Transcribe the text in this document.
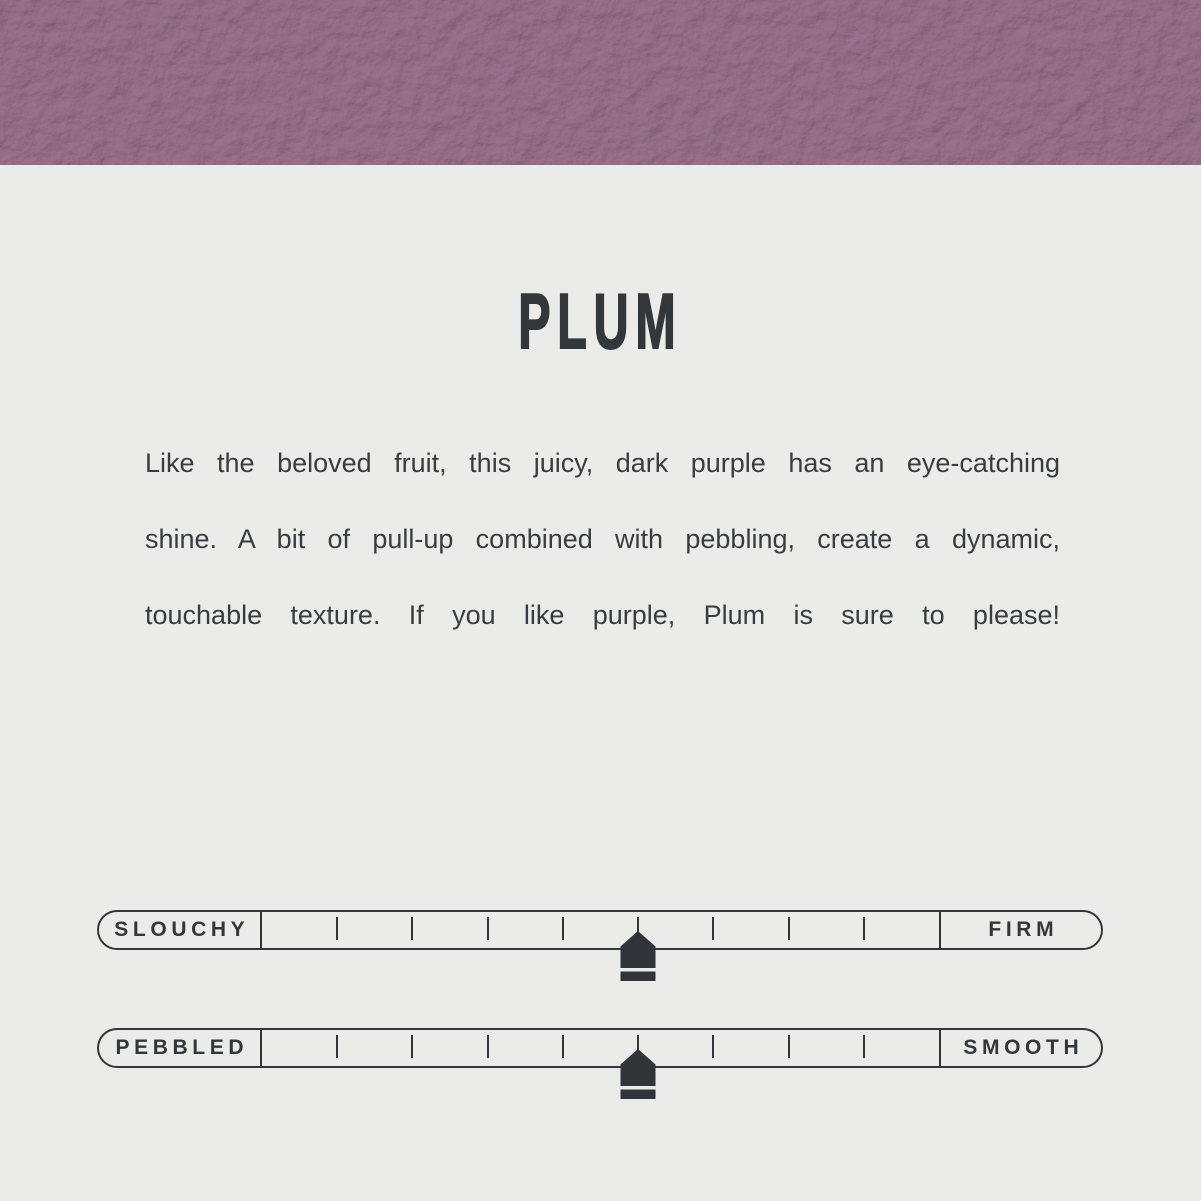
PLUM
Like the beloved fruit, this juicy, dark purple has an eye-catching
shine. A bit of pull-up combined with pebbling, create a dynamic,
touchable texture. If you like purple, Plum is sure to please!
SLOUCHY	FIRM
PEBBLED	SMOOTH
